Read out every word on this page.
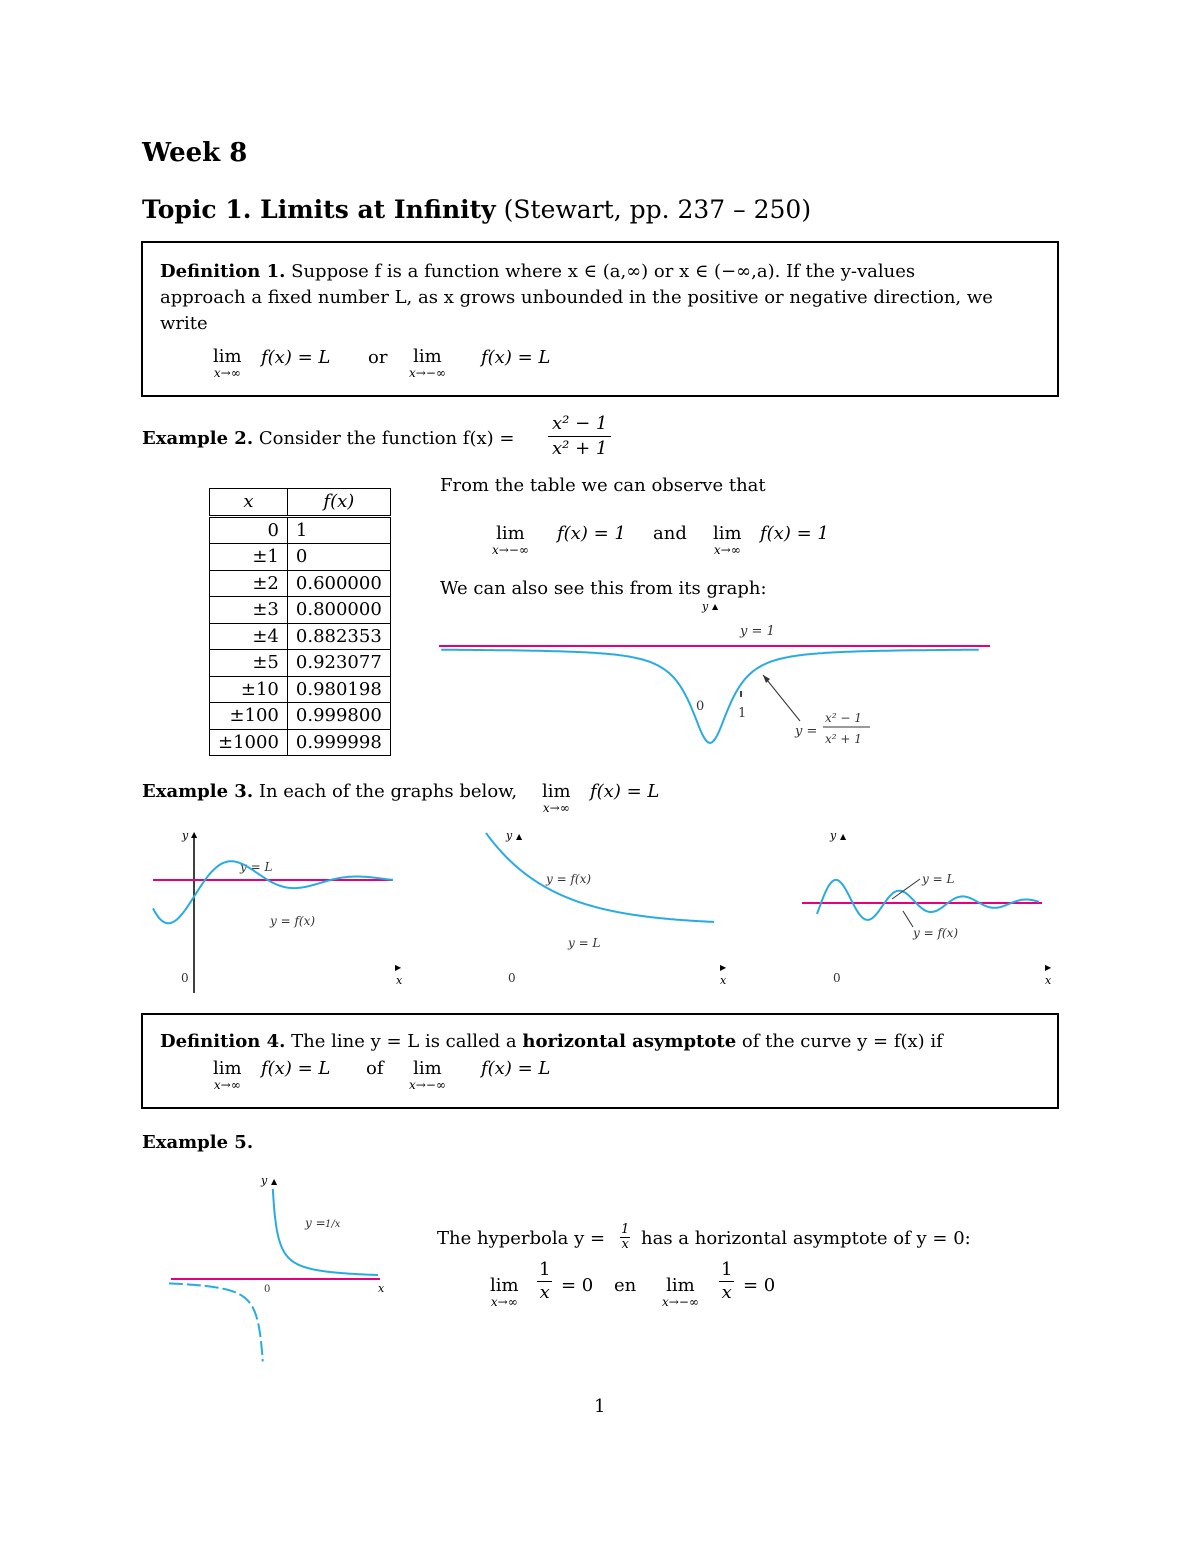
Week 8
Topic 1. Limits at Infinity (Stewart, pp. 237 – 250)
Definition 1. Suppose f is a function where x ∈ (a,∞) or x ∈ (−∞,a). If the y-values
approach a fixed number L, as x grows unbounded in the positive or negative direction, we
write
lim
x→∞
f(x) = L or lim
x→−∞
f(x) = L
Example 2. Consider the function $f(x) = \frac{\text{x² − 1}}{\text{x² + 1}}$
x	f(x)
0	1
±1	0
±2	0.600000
±3	0.800000
±4	0.882353
±5	0.923077
±10	0.980198
±100	0.999800
±1000	0.999998
From the table we can observe that
lim
x→−∞
f(x) = 1 and lim
x→∞
f(x) = 1
We can also see this from its graph:
y ▲
y = 1
0	1
y =
x² − 1
x² + 1
Example 3. In each of the graphs below, lim
x→∞
f(x) = L
y ▲
y = L
y = f(x)
0
▶
x
y ▲
y = f(x)
y = L
0
▶
x
y ▲
y = L
y = f(x)
0
▶
x
Definition 4. The line y = L is called a horizontal asymptote of the curve y = f(x) if
lim
x→∞
f(x) = L of lim
x→−∞
f(x) = L
Example 5.
y ▲
y = 1/x
0	x
The hyperbola $y = \frac{1}{x}$ has a horizontal asymptote of y = 0:
lim
$x\to\infty \frac{1}{x} = 0$ en lim
$x\to-\infty \frac{1}{x} = 0$
1
